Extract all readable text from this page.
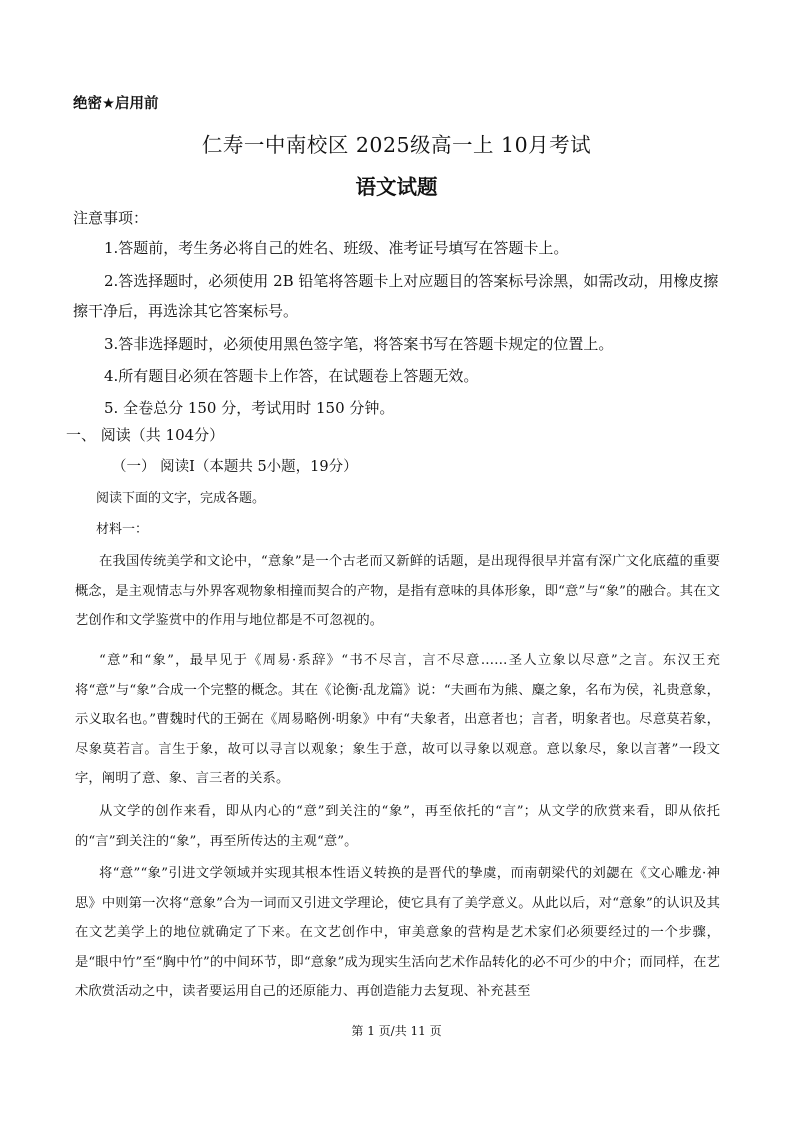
绝密★启用前
仁寿一中南校区 2025级高一上 10月考试
语文试题
注意事项：

1.答题前，考生务必将自己的姓名、班级、准考证号填写在答题卡上。

2.答选择题时，必须使用 2B 铅笔将答题卡上对应题目的答案标号涂黑，如需改动，用橡皮擦擦干净后，再选涂其它答案标号。

3.答非选择题时，必须使用黑色签字笔，将答案书写在答题卡规定的位置上。

4.所有题目必须在答题卡上作答，在试题卷上答题无效。

5. 全卷总分 150 分，考试用时 150 分钟。

一、 阅读（共 104分）
（一） 阅读Ⅰ（本题共 5小题，19分）
阅读下面的文字，完成各题。
材料一：

在我国传统美学和文论中，“意象”是一个古老而又新鲜的话题，是出现得很早并富有深广文化底蕴的重要概念，是主观情志与外界客观物象相撞而契合的产物，是指有意味的具体形象，即“意”与“象”的融合。其在文艺创作和文学鉴赏中的作用与地位都是不可忽视的。

“意”和“象”，最早见于《周易·系辞》“书不尽言，言不尽意……圣人立象以尽意”之言。东汉王充将“意”与“象”合成一个完整的概念。其在《论衡·乱龙篇》说：“夫画布为熊、麋之象，名布为侯，礼贵意象，示义取名也。”曹魏时代的王弼在《周易略例·明象》中有“夫象者，出意者也；言者，明象者也。尽意莫若象，尽象莫若言。言生于象，故可以寻言以观象；象生于意，故可以寻象以观意。意以象尽，象以言著”一段文字，阐明了意、象、言三者的关系。

从文学的创作来看，即从内心的“意”到关注的“象”，再至依托的“言”；从文学的欣赏来看，即从依托的“言”到关注的“象”，再至所传达的主观“意”。

将“意”“象”引进文学领域并实现其根本性语义转换的是晋代的挚虞，而南朝梁代的刘勰在《文心雕龙·神思》中则第一次将“意象”合为一词而又引进文学理论，使它具有了美学意义。从此以后，对“意象”的认识及其在文艺美学上的地位就确定了下来。在文艺创作中，审美意象的营构是艺术家们必须要经过的一个步骤，是“眼中竹”至“胸中竹”的中间环节，即“意象”成为现实生活向艺术作品转化的必不可少的中介；而同样，在艺术欣赏活动之中，读者要运用自己的还原能力、再创造能力去复现、补充甚至

第 1 页/共 11 页
